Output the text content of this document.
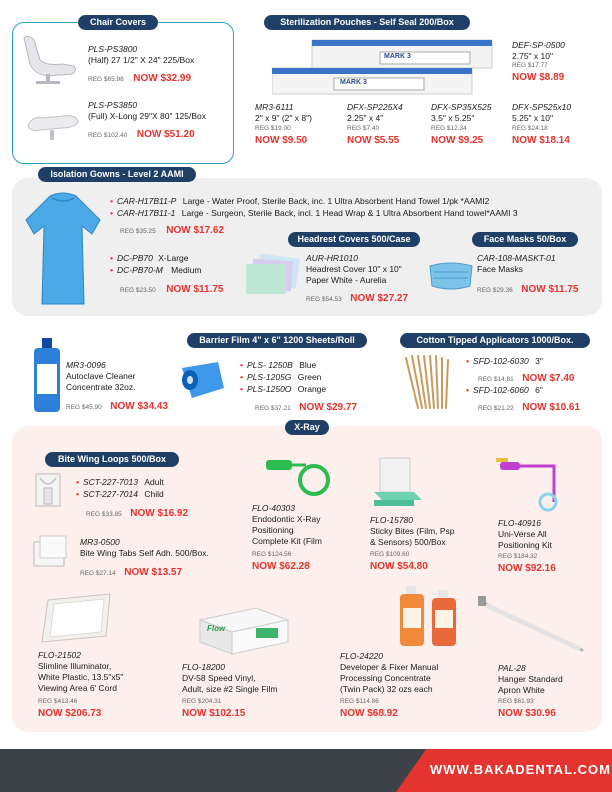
Chair Covers
PLS-PS3800
(Half) 27 1/2" X 24" 225/Box
REG $65.98 NOW $32.99
PLS-PS3850
(Full) X-Long 29"X 80" 125/Box
REG $102.40 NOW $51.20
Sterilization Pouches - Self Seal 200/Box
MARK 3
MARK 3
DEF-SP-0500
2.75" x 10"
REG $17.77
NOW $8.89
MR3-6111
2" x 9" (2" x 8")
REG $19.00
NOW $9.50
DFX-SP225X4
2.25" x 4"
REG $7.40
NOW $5.55
DFX-SP35X525
3.5" x 5.25"
REG $12.34
NOW $9.25
DFX-SP525x10
5.25" x 10"
REG $24.18
NOW $18.14
Isolation Gowns - Level 2 AAMI
• CAR-H17B11-P Large - Water Proof, Sterile Back, inc. 1 Ultra Absorbent Hand Towel 1/pk *AAMI2
• CAR-H17B11-1 Large - Surgeon, Sterile Back, incl. 1 Head Wrap & 1 Ultra Absorbent Hand towel*AAMI 3
REG $35.25 NOW $17.62
• DC-PB70 X-Large
• DC-PB70-M Medium
REG $23.50 NOW $11.75
Headrest Covers 500/Case
AUR-HR1010
Headrest Cover 10" x 10"
Paper White - Aurelia
REG $54.53 NOW $27.27
Face Masks 50/Box
CAR-108-MASKT-01
Face Masks
REG $29.36 NOW $11.75
MR3-0096
Autoclave Cleaner
Concentrate 32oz.
REG $45.90 NOW $34.43
Barrier Film 4" x 6" 1200 Sheets/Roll
• PLS- 1250B Blue
• PLS-1205G Green
• PLS-1250O Orange
REG $37.21 NOW $29.77
Cotton Tipped Applicators 1000/Box.
• SFD-102-6030 3"
REG $14.81 NOW $7.40
• SFD-102-6060 6"
REG $21.22 NOW $10.61
X-Ray
Bite Wing Loops 500/Box
• SCT-227-7013 Adult
• SCT-227-7014 Child
REG $33.85 NOW $16.92
MR3-0500
Bite Wing Tabs Self Adh. 500/Box.
REG $27.14 NOW $13.57
FLO-40303
Endodontic X-Ray
Positioning
Complete Kit (Film
REG $124.56
NOW $62.28
FLO-15780
Sticky Bites (Film, Psp
& Sensors) 500/Box
REG $109.60
NOW $54.80
FLO-40916
Uni-Verse All
Positioning Kit
REG $184.32
NOW $92.16
FLO-21502
Slimline Illuminator,
White Plastic, 13.5"x5"
Viewing Area 6' Cord
REG $413.46
NOW $206.73
Flow
FLO-18200
DV-58 Speed Vinyl,
Adult, size #2 Single Film
REG $204.31
NOW $102.15
FLO-24220
Developer & Fixer Manual
Processing Concentrate
(Twin Pack) 32 ozs each
REG $114.86
NOW $68.92
PAL-28
Hanger Standard
Apron White
REG $61.93
NOW $30.96
WWW.BAKADENTAL.COM
